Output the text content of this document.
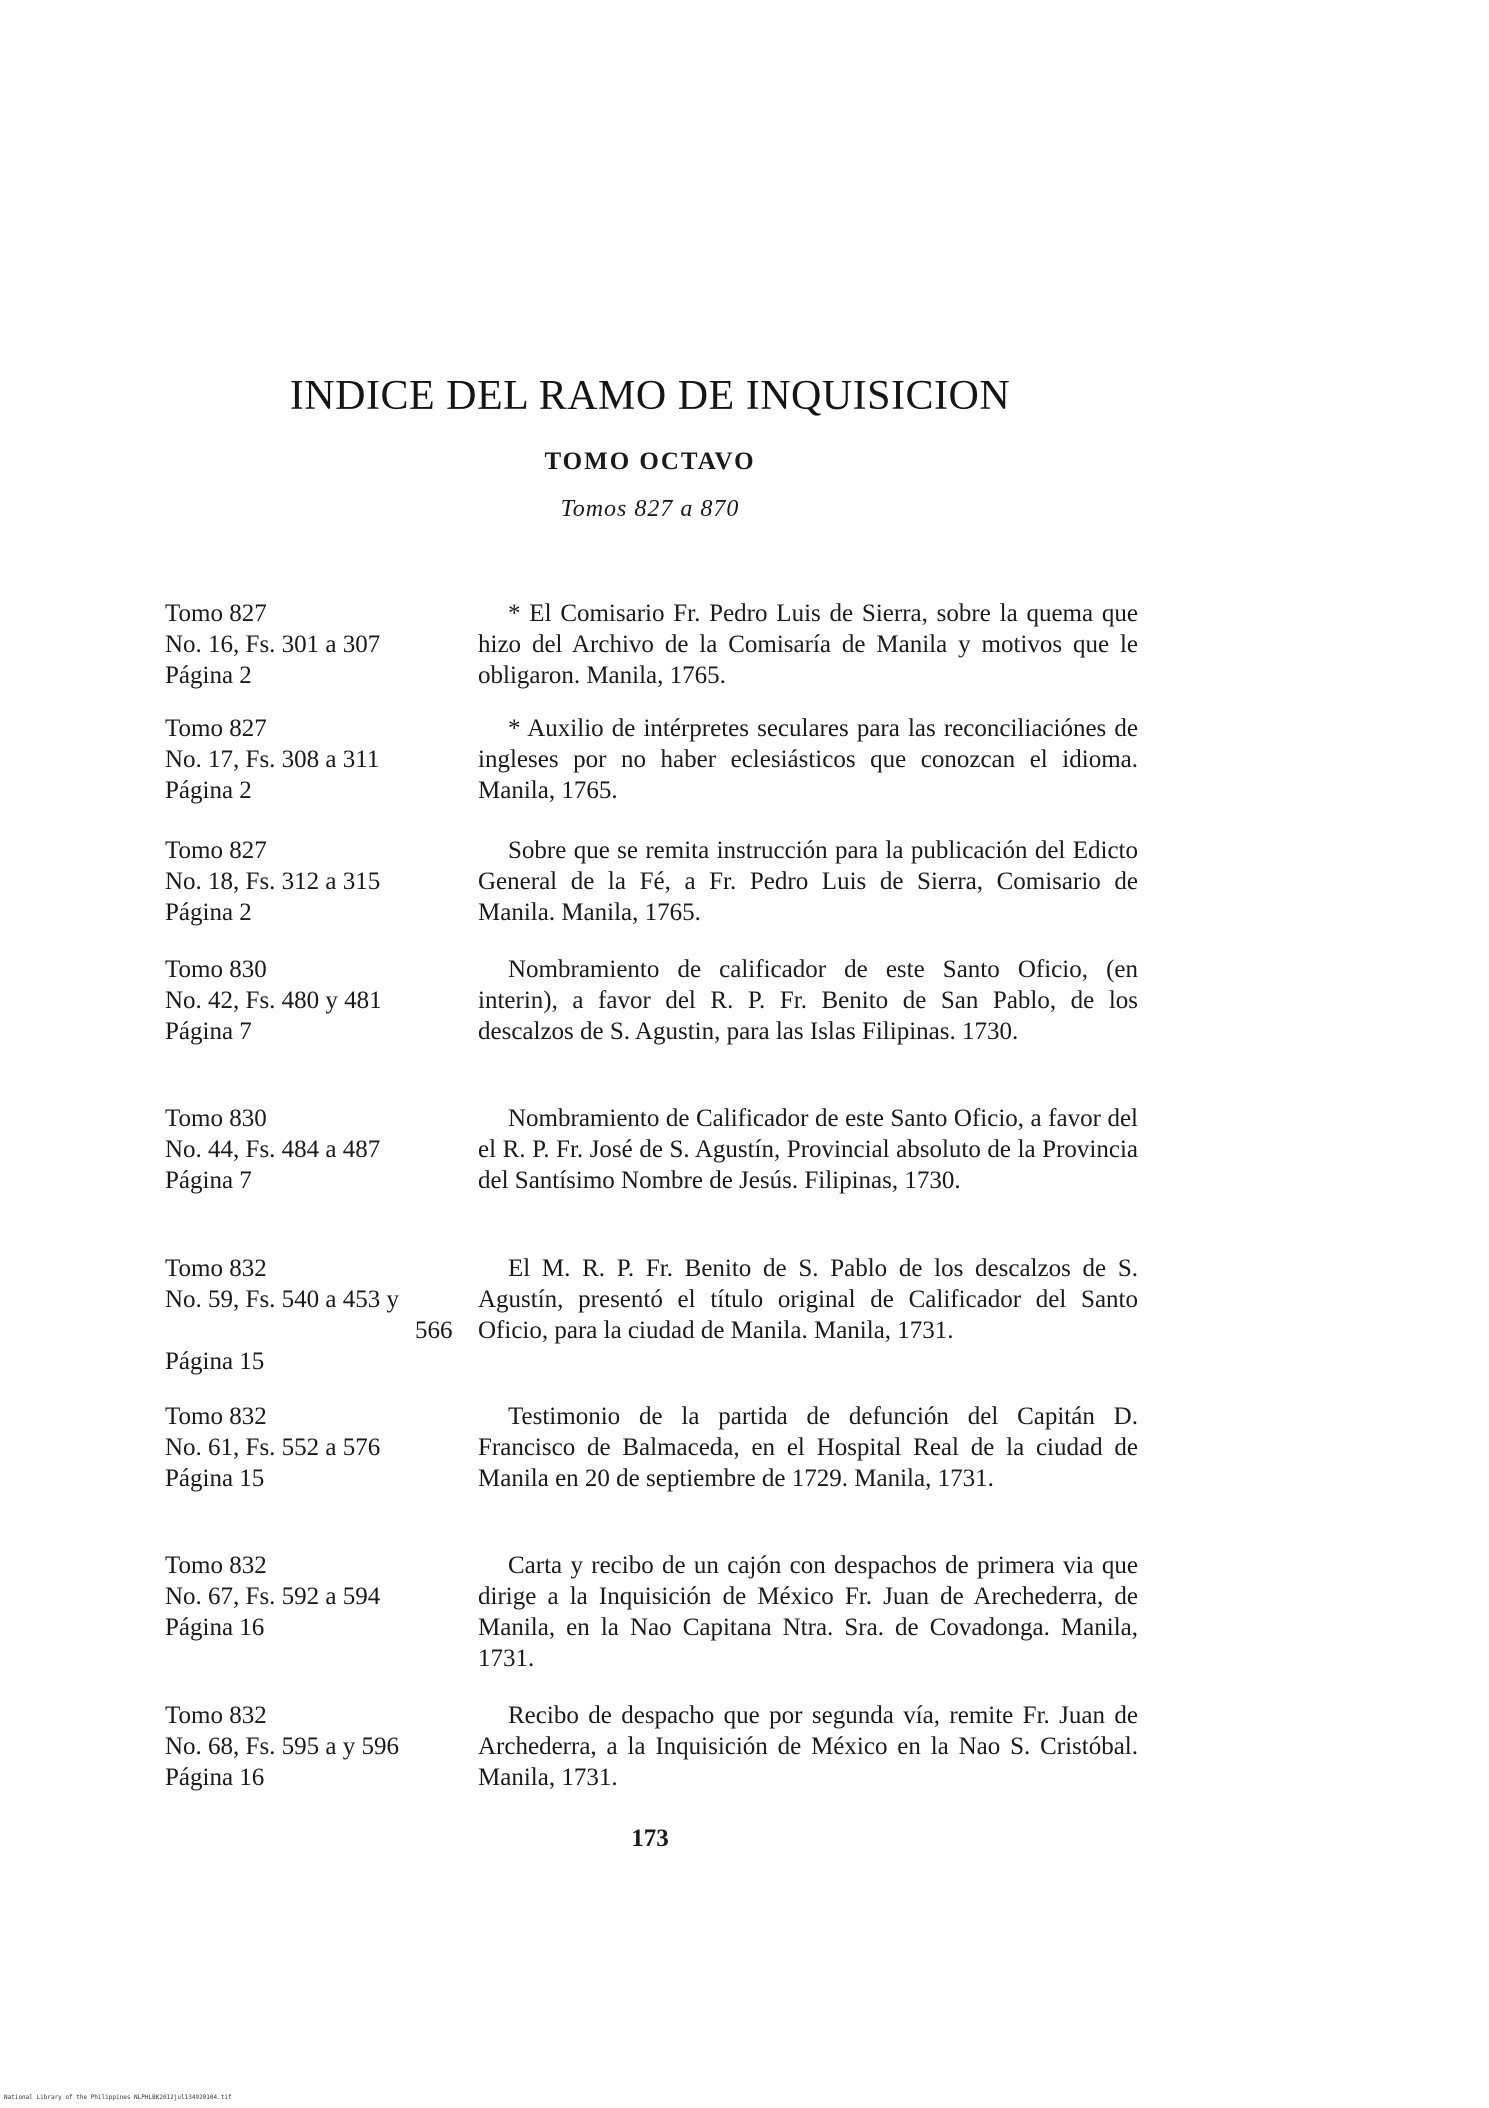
INDICE DEL RAMO DE INQUISICION
TOMO OCTAVO
Tomos 827 a 870
Tomo 827
No. 16, Fs. 301 a 307
Página 2
* El Comisario Fr. Pedro Luis de Sierra, sobre la quema que hizo del Archivo de la Comisaría de Manila y motivos que le obligaron. Manila, 1765.
Tomo 827
No. 17, Fs. 308 a 311
Página 2
* Auxilio de intérpretes seculares para las reconciliaciónes de ingleses por no haber eclesiásticos que conozcan el idioma. Manila, 1765.
Tomo 827
No. 18, Fs. 312 a 315
Página 2
Sobre que se remita instrucción para la publicación del Edicto General de la Fé, a Fr. Pedro Luis de Sierra, Comisario de Manila. Manila, 1765.
Tomo 830
No. 42, Fs. 480 y 481
Página 7
Nombramiento de calificador de este Santo Oficio, (en interin), a favor del R. P. Fr. Benito de San Pablo, de los descalzos de S. Agustin, para las Islas Filipinas. 1730.
Tomo 830
No. 44, Fs. 484 a 487
Página 7
Nombramiento de Calificador de este Santo Oficio, a favor del el R. P. Fr. José de S. Agustín, Provincial absoluto de la Provincia del Santísimo Nombre de Jesús. Filipinas, 1730.
Tomo 832
No. 59, Fs. 540 a 453 y
566
Página 15
El M. R. P. Fr. Benito de S. Pablo de los descalzos de S. Agustín, presentó el título original de Calificador del Santo Oficio, para la ciudad de Manila. Manila, 1731.
Tomo 832
No. 61, Fs. 552 a 576
Página 15
Testimonio de la partida de defunción del Capitán D. Francisco de Balmaceda, en el Hospital Real de la ciudad de Manila en 20 de septiembre de 1729. Manila, 1731.
Tomo 832
No. 67, Fs. 592 a 594
Página 16
Carta y recibo de un cajón con despachos de primera via que dirige a la Inquisición de México Fr. Juan de Arechederra, de Manila, en la Nao Capitana Ntra. Sra. de Covadonga. Manila, 1731.
Tomo 832
No. 68, Fs. 595 a y 596
Página 16
Recibo de despacho que por segunda vía, remite Fr. Juan de Archederra, a la Inquisición de México en la Nao S. Cristóbal. Manila, 1731.
173
National Library of the Philippines NLPHLBK2012jul134920104.tif
